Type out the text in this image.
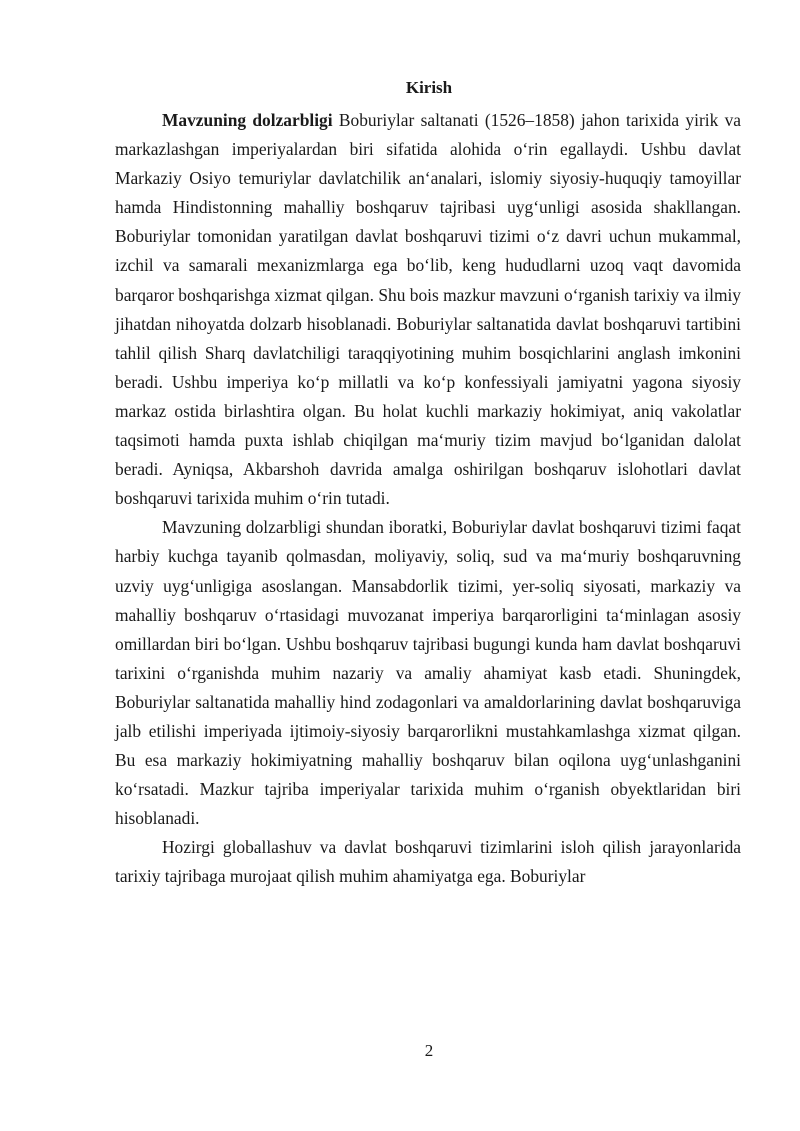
Kirish

Mavzuning dolzarbligi Boburiylar saltanati (1526–1858) jahon tarixida yirik va markazlashgan imperiyalardan biri sifatida alohida oʻrin egallaydi. Ushbu davlat Markaziy Osiyo temuriylar davlatchilik anʻanalari, islomiy siyosiy-huquqiy tamoyillar hamda Hindistonning mahalliy boshqaruv tajribasi uygʻunligi asosida shakllangan. Boburiylar tomonidan yaratilgan davlat boshqaruvi tizimi oʻz davri uchun mukammal, izchil va samarali mexanizmlarga ega boʻlib, keng hududlarni uzoq vaqt davomida barqaror boshqarishga xizmat qilgan. Shu bois mazkur mavzuni oʻrganish tarixiy va ilmiy jihatdan nihoyatda dolzarb hisoblanadi. Boburiylar saltanatida davlat boshqaruvi tartibini tahlil qilish Sharq davlatchiligi taraqqiyotining muhim bosqichlarini anglash imkonini beradi. Ushbu imperiya koʻp millatli va koʻp konfessiyali jamiyatni yagona siyosiy markaz ostida birlashtira olgan. Bu holat kuchli markaziy hokimiyat, aniq vakolatlar taqsimoti hamda puxta ishlab chiqilgan maʻmuriy tizim mavjud boʻlganidan dalolat beradi. Ayniqsa, Akbarshoh davrida amalga oshirilgan boshqaruv islohotlari davlat boshqaruvi tarixida muhim oʻrin tutadi.

Mavzuning dolzarbligi shundan iboratki, Boburiylar davlat boshqaruvi tizimi faqat harbiy kuchga tayanib qolmasdan, moliyaviy, soliq, sud va maʻmuriy boshqaruvning uzviy uygʻunligiga asoslangan. Mansabdorlik tizimi, yer-soliq siyosati, markaziy va mahalliy boshqaruv oʻrtasidagi muvozanat imperiya barqarorligini taʻminlagan asosiy omillardan biri boʻlgan. Ushbu boshqaruv tajribasi bugungi kunda ham davlat boshqaruvi tarixini oʻrganishda muhim nazariy va amaliy ahamiyat kasb etadi. Shuningdek, Boburiylar saltanatida mahalliy hind zodagonlari va amaldorlarining davlat boshqaruviga jalb etilishi imperiyada ijtimoiy-siyosiy barqarorlikni mustahkamlashga xizmat qilgan. Bu esa markaziy hokimiyatning mahalliy boshqaruv bilan oqilona uygʻunlashganini koʻrsatadi. Mazkur tajriba imperiyalar tarixida muhim oʻrganish obyektlaridan biri hisoblanadi.

Hozirgi globallashuv va davlat boshqaruvi tizimlarini isloh qilish jarayonlarida tarixiy tajribaga murojaat qilish muhim ahamiyatga ega. Boburiylar

2
